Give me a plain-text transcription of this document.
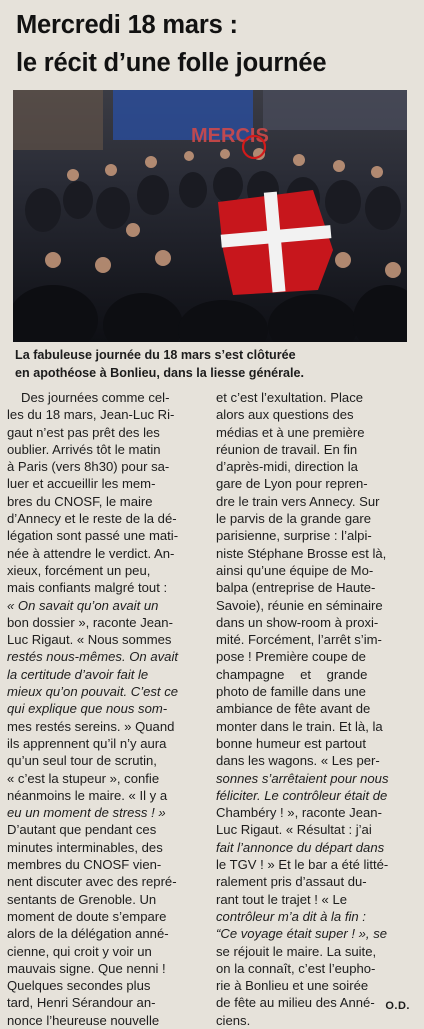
Mercredi 18 mars :
le récit d’une folle journée
MERCIS
La fabuleuse journée du 18 mars s’est clôturée
en apothéose à Bonlieu, dans la liesse générale.
Des journées comme cel-
les du 18 mars, Jean-Luc Ri-
gaut n’est pas prêt des les
oublier. Arrivés tôt le matin
à Paris (vers 8h30) pour sa-
luer et accueillir les mem-
bres du CNOSF, le maire
d’Annecy et le reste de la dé-
légation sont passé une mati-
née à attendre le verdict. An-
xieux, forcément un peu,
mais confiants malgré tout :
« On savait qu’on avait un
bon dossier », raconte Jean-
Luc Rigaut. « Nous sommes
restés nous-mêmes. On avait
la certitude d’avoir fait le
mieux qu’on pouvait. C’est ce
qui explique que nous som-
mes restés sereins. » Quand
ils apprennent qu’il n’y aura
qu’un seul tour de scrutin,
« c’est la stupeur », confie
néanmoins le maire. « Il y a
eu un moment de stress ! »
D’autant que pendant ces
minutes interminables, des
membres du CNOSF vien-
nent discuter avec des repré-
sentants de Grenoble. Un
moment de doute s’empare
alors de la délégation anné-
cienne, qui croit y voir un
mauvais signe. Que nenni !
Quelques secondes plus
tard, Henri Sérandour an-
nonce l’heureuse nouvelle
et c’est l’exultation. Place
alors aux questions des
médias et à une première
réunion de travail. En fin
d’après-midi, direction la
gare de Lyon pour repren-
dre le train vers Annecy. Sur
le parvis de la grande gare
parisienne, surprise : l’alpi-
niste Stéphane Brosse est là,
ainsi qu’une équipe de Mo-
balpa (entreprise de Haute-
Savoie), réunie en séminaire
dans un show-room à proxi-
mité. Forcément, l’arrêt s’im-
pose ! Première coupe de
champagne et grande
photo de famille dans une
ambiance de fête avant de
monter dans le train. Et là, la
bonne humeur est partout
dans les wagons. « Les per-
sonnes s’arrêtaient pour nous
féliciter. Le contrôleur était de
Chambéry ! », raconte Jean-
Luc Rigaut. « Résultat : j’ai
fait l’annonce du départ dans
le TGV ! » Et le bar a été litté-
ralement pris d’assaut du-
rant tout le trajet ! « Le
contrôleur m’a dit à la fin :
“Ce voyage était super ! », se
se réjouit le maire. La suite,
on la connaît, c’est l’eupho-
rie à Bonlieu et une soirée
de fête au milieu des Anné-
ciens.
O.D.
